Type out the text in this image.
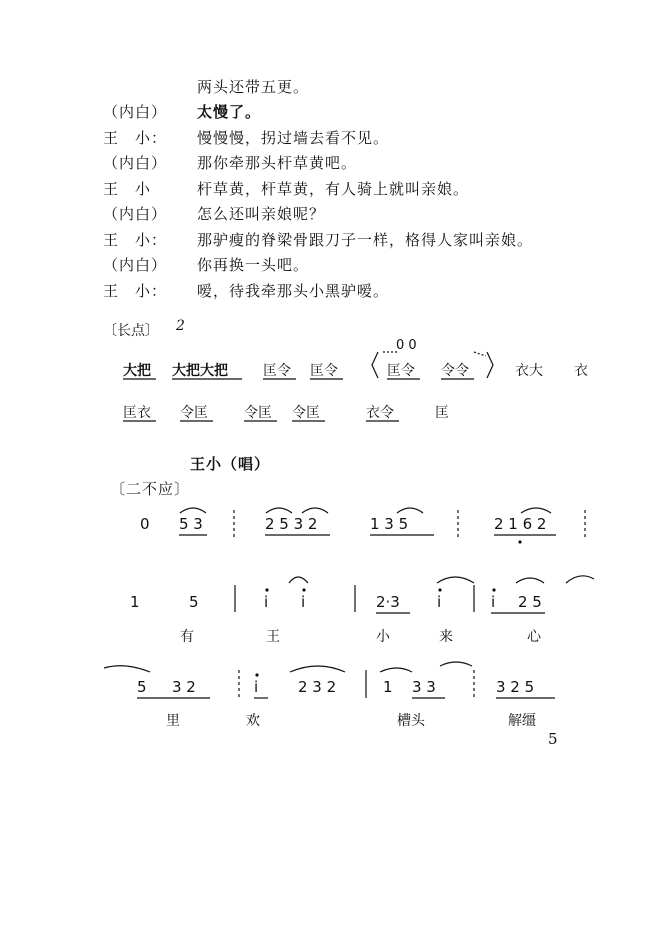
两头还带五更。
（内白） 太慢了。
王　小： 慢慢慢，拐过墙去看不见。
（内白） 那你牵那头杆草黄吧。
王　小	杆草黄，杆草黄，有人骑上就叫亲娘。
（内白） 怎么还叫亲娘呢？
王　小： 那驴瘦的脊梁骨跟刀子一样，格得人家叫亲娘。
（内白） 你再换一头吧。
王　小： 嗳，待我牵那头小黑驴嗳。
〔长点〕 2
0 0
大把 大把大把	匡令 匡令	匡令 令令	衣大 衣
匡衣 令匡	令匡 令匡	衣令	匡
王小（唱）
〔二不应〕
0 5 3	2 5 3 2	1 3 5	2 1 6 2
1	5	i i	2·3 i	i 2 5
有	王	小	来	心
5 3 2	i	2 3 2	1 3 3	3 2 5
里	欢	槽头	解缰
5
